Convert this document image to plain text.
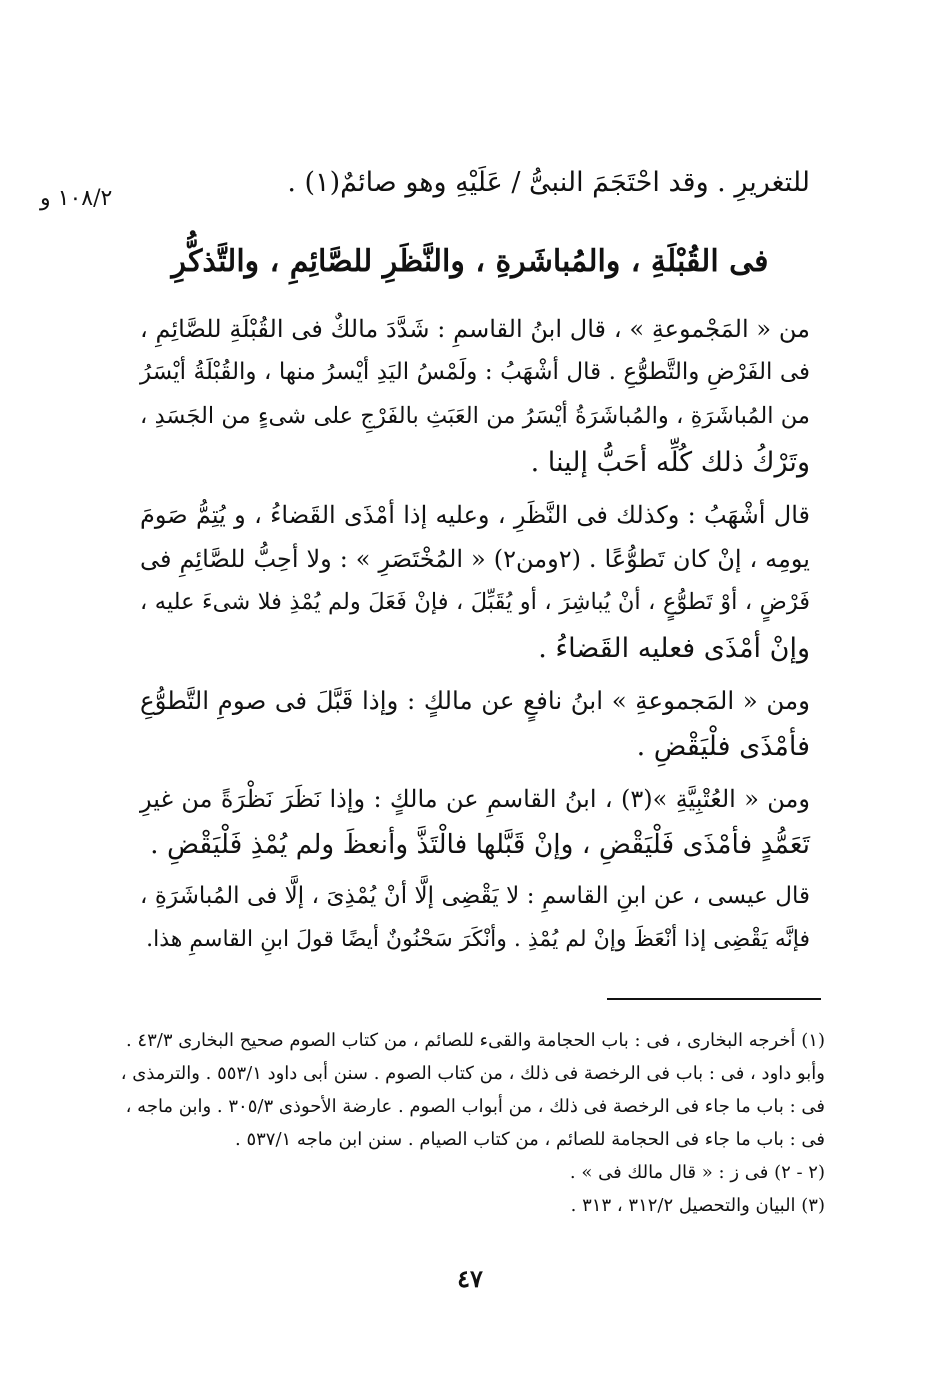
١٠٨/٢ و
للتغريرِ . وقد احْتَجَمَ النبىُّ / عَلَيْهِ وهو صائمٌ(١) .
فى القُبْلَةِ ، والمُباشَرةِ ، والنَّظَرِ للصَّائِمِ ، والتَّذكُّرِ
من « المَجْموعةِ » ، قال ابنُ القاسمِ : شَدَّدَ مالكٌ فى القُبْلَةِ للصَّائِمِ ،
فى الفَرْضِ والتَّطوُّعِ . قال أشْهَبُ : ولَمْسُ اليَدِ أيْسرُ منها ، والقُبْلَةُ أيْسَرُ
من المُباشَرَةِ ، والمُباشَرَةُ أيْسَرُ من العَبَثِ بالفَرْجِ على شىءٍ من الجَسَدِ ،
وتَرْكُ ذلك كُلِّه أحَبُّ إلينا .
قال أشْهَبُ : وكذلك فى النَّظَرِ ، وعليه إذا أمْذَى القَضاءُ ، و يُتِمُّ صَومَ
يومِه ، إنْ كان تَطوُّعًا . (٢ومن٢) « المُخْتَصَرِ » : ولا أحِبُّ للصَّائِمِ فى
فَرْضٍ ، أوْ تَطوُّعٍ ، أنْ يُباشِرَ ، أو يُقَبِّلَ ، فإنْ فَعَلَ ولم يُمْذِ فلا شىءَ عليه ،
وإنْ أمْذَى فعليه القَضاءُ .
ومن « المَجموعةِ » ابنُ نافعٍ عن مالكٍ : وإذا قَبَّلَ فى صومِ التَّطوُّعِ
فأمْذَى فلْيَقْضِ .
ومن « العُتْبِيَّةِ »(٣) ، ابنُ القاسمِ عن مالكٍ : وإذا نَظَرَ نَظْرَةً من غيرِ
تَعَمُّدٍ فأمْذَى فَلْيَقْضِ ، وإنْ قَبَّلها فالْتَذَّ وأنعظَ ولم يُمْذِ فَلْيَقْضِ .
قال عيسى ، عن ابنِ القاسمِ : لا يَقْضِى إلَّا أنْ يُمْذِىَ ، إلَّا فى المُباشَرَةِ ،
فإنَّه يَقْضِى إذا أنْعَظَ وإنْ لم يُمْذِ . وأنْكَرَ سَحْنُونٌ أيضًا قولَ ابنِ القاسمِ هذا.
(١) أخرجه البخارى ، فى : باب الحجامة والقىء للصائم ، من كتاب الصوم صحيح البخارى ٤٣/٣ .
وأبو داود ، فى : باب فى الرخصة فى ذلك ، من كتاب الصوم . سنن أبى داود ٥٥٣/١ . والترمذى ،
فى : باب ما جاء فى الرخصة فى ذلك ، من أبواب الصوم . عارضة الأحوذى ٣٠٥/٣ . وابن ماجه ،
فى : باب ما جاء فى الحجامة للصائم ، من كتاب الصيام . سنن ابن ماجه ٥٣٧/١ .
(٢ - ٢) فى ز : « قال مالك فى » .
(٣) البيان والتحصيل ٣١٢/٢ ، ٣١٣ .
٤٧
